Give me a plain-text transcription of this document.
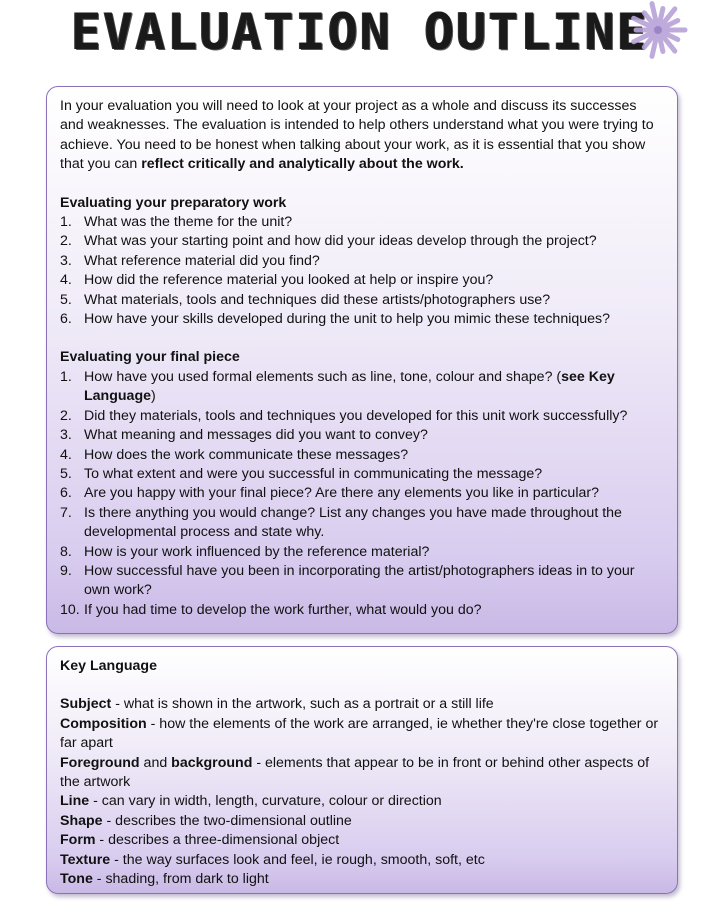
EVALUATION OUTLINE

In your evaluation you will need to look at your project as a whole and discuss its successes and weaknesses. The evaluation is intended to help others understand what you were trying to achieve. You need to be honest when talking about your work, as it is essential that you show that you can reflect critically and analytically about the work.

Evaluating your preparatory work

1. What was the theme for the unit?
2. What was your starting point and how did your ideas develop through the project?
3. What reference material did you find?
4. How did the reference material you looked at help or inspire you?
5. What materials, tools and techniques did these artists/photographers use?
6. How have your skills developed during the unit to help you mimic these techniques?

Evaluating your final piece

1. How have you used formal elements such as line, tone, colour and shape? (see Key Language)
2. Did they materials, tools and techniques you developed for this unit work successfully?
3. What meaning and messages did you want to convey?
4. How does the work communicate these messages?
5. To what extent and were you successful in communicating the message?
6. Are you happy with your final piece? Are there any elements you like in particular?
7. Is there anything you would change? List any changes you have made throughout the developmental process and state why.
8. How is your work influenced by the reference material?
9. How successful have you been in incorporating the artist/photographers ideas in to your own work?
10. If you had time to develop the work further, what would you do?

Key Language

Subject - what is shown in the artwork, such as a portrait or a still life

Composition - how the elements of the work are arranged, ie whether they're close together or far apart

Foreground and background - elements that appear to be in front or behind other aspects of the artwork

Line - can vary in width, length, curvature, colour or direction

Shape - describes the two-dimensional outline

Form - describes a three-dimensional object

Texture - the way surfaces look and feel, ie rough, smooth, soft, etc

Tone - shading, from dark to light
